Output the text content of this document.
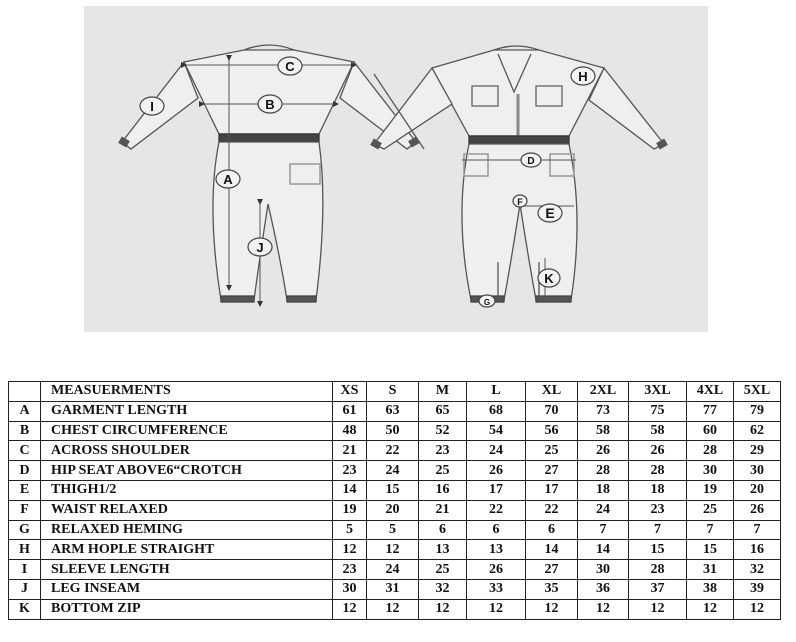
C
B
I
A
J
H
D
F
E
K
G
	MEASUERMENTS	XS	S	M	L	XL	2XL	3XL	4XL	5XL
A	GARMENT LENGTH	61	63	65	68	70	73	75	77	79
B	CHEST CIRCUMFERENCE	48	50	52	54	56	58	58	60	62
C	ACROSS SHOULDER	21	22	23	24	25	26	26	28	29
D	HIP SEAT ABOVE6“CROTCH	23	24	25	26	27	28	28	30	30
E	THIGH1/2	14	15	16	17	17	18	18	19	20
F	WAIST RELAXED	19	20	21	22	22	24	23	25	26
G	RELAXED HEMING	5	5	6	6	6	7	7	7	7
H	ARM HOPLE STRAIGHT	12	12	13	13	14	14	15	15	16
I	SLEEVE LENGTH	23	24	25	26	27	30	28	31	32
J	LEG INSEAM	30	31	32	33	35	36	37	38	39
K	BOTTOM ZIP	12	12	12	12	12	12	12	12	12
